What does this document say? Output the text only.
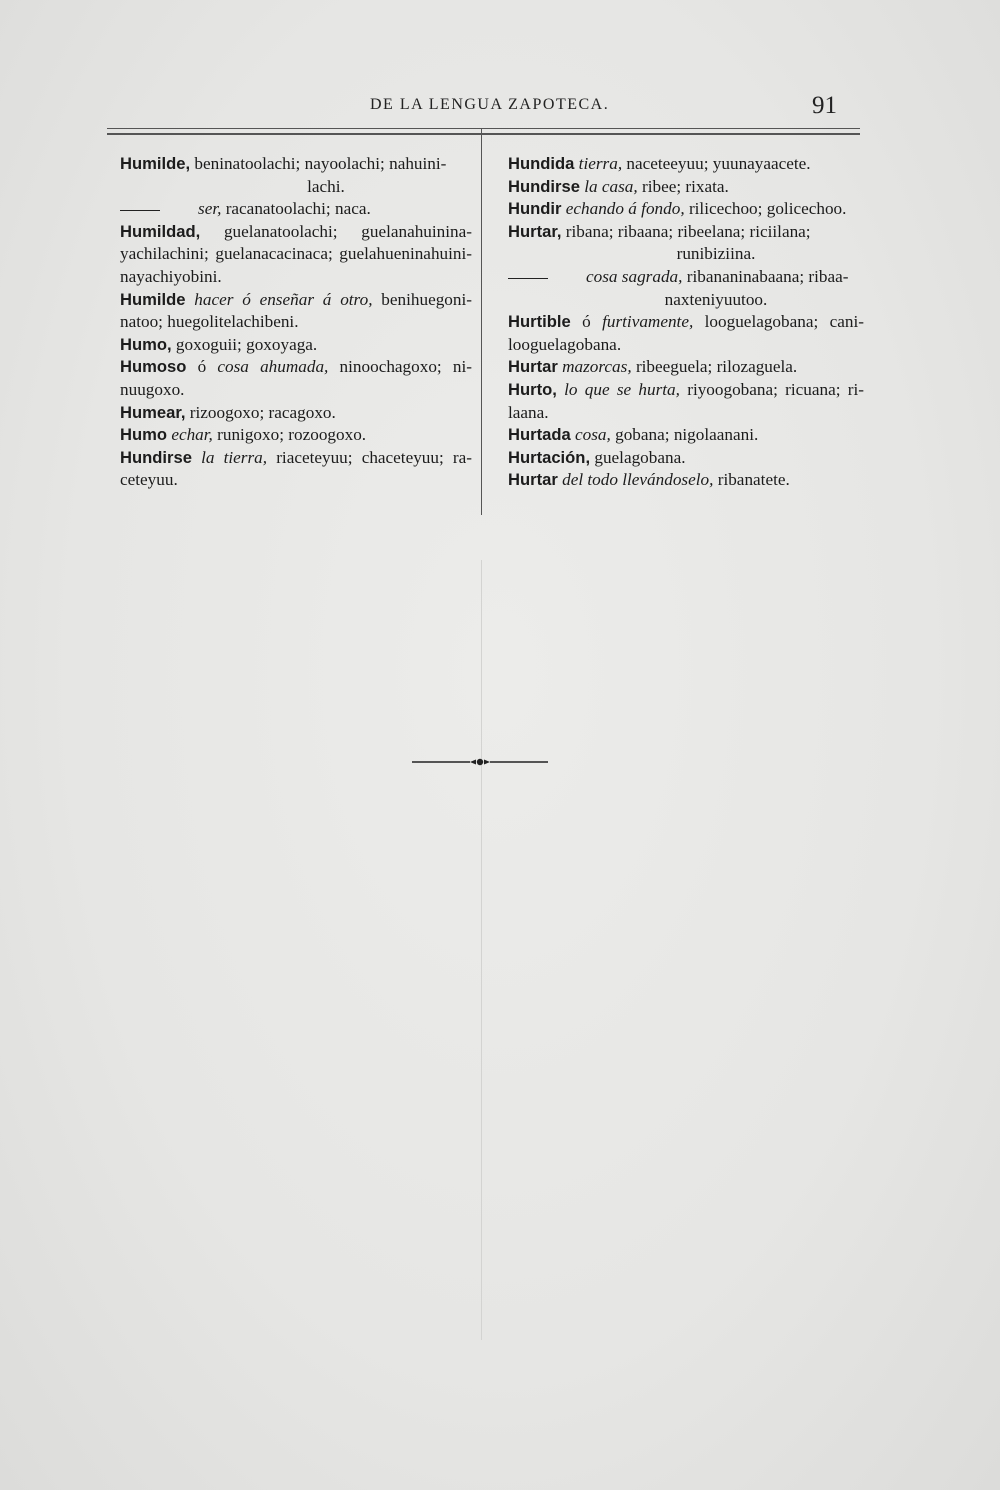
DE LA LENGUA ZAPOTECA.	91

Humilde, beninatoolachi; nayoolachi; nahuini-
lachi.

ser, racanatoolachi; naca.

Humildad, guelanatoolachi; guelanahuinina-yachilachini; guelanacacinaca; guelahueninahuini-nayachiyobini.

Humilde hacer ó enseñar á otro, benihuegoni-natoo; huegolitelachibeni.

Humo, goxoguii; goxoyaga.

Humoso ó cosa ahumada, ninoochagoxo; ni-nuugoxo.

Humear, rizoogoxo; racagoxo.

Humo echar, runigoxo; rozoogoxo.

Hundirse la tierra, riaceteyuu; chaceteyuu; ra-ceteyuu.

Hundida tierra, naceteeyuu; yuunayaacete.

Hundirse la casa, ribee; rixata.

Hundir echando á fondo, rilicechoo; golicechoo.

Hurtar, ribana; ribaana; ribeelana; riciilana;
runibiziina.

cosa sagrada, ribananinabaana; ribaa-
naxteniyuutoo.

Hurtible ó furtivamente, looguelagobana; cani-looguelagobana.

Hurtar mazorcas, ribeeguela; rilozaguela.

Hurto, lo que se hurta, riyoogobana; ricuana; ri-laana.

Hurtada cosa, gobana; nigolaanani.

Hurtación, guelagobana.

Hurtar del todo llevándoselo, ribanatete.
